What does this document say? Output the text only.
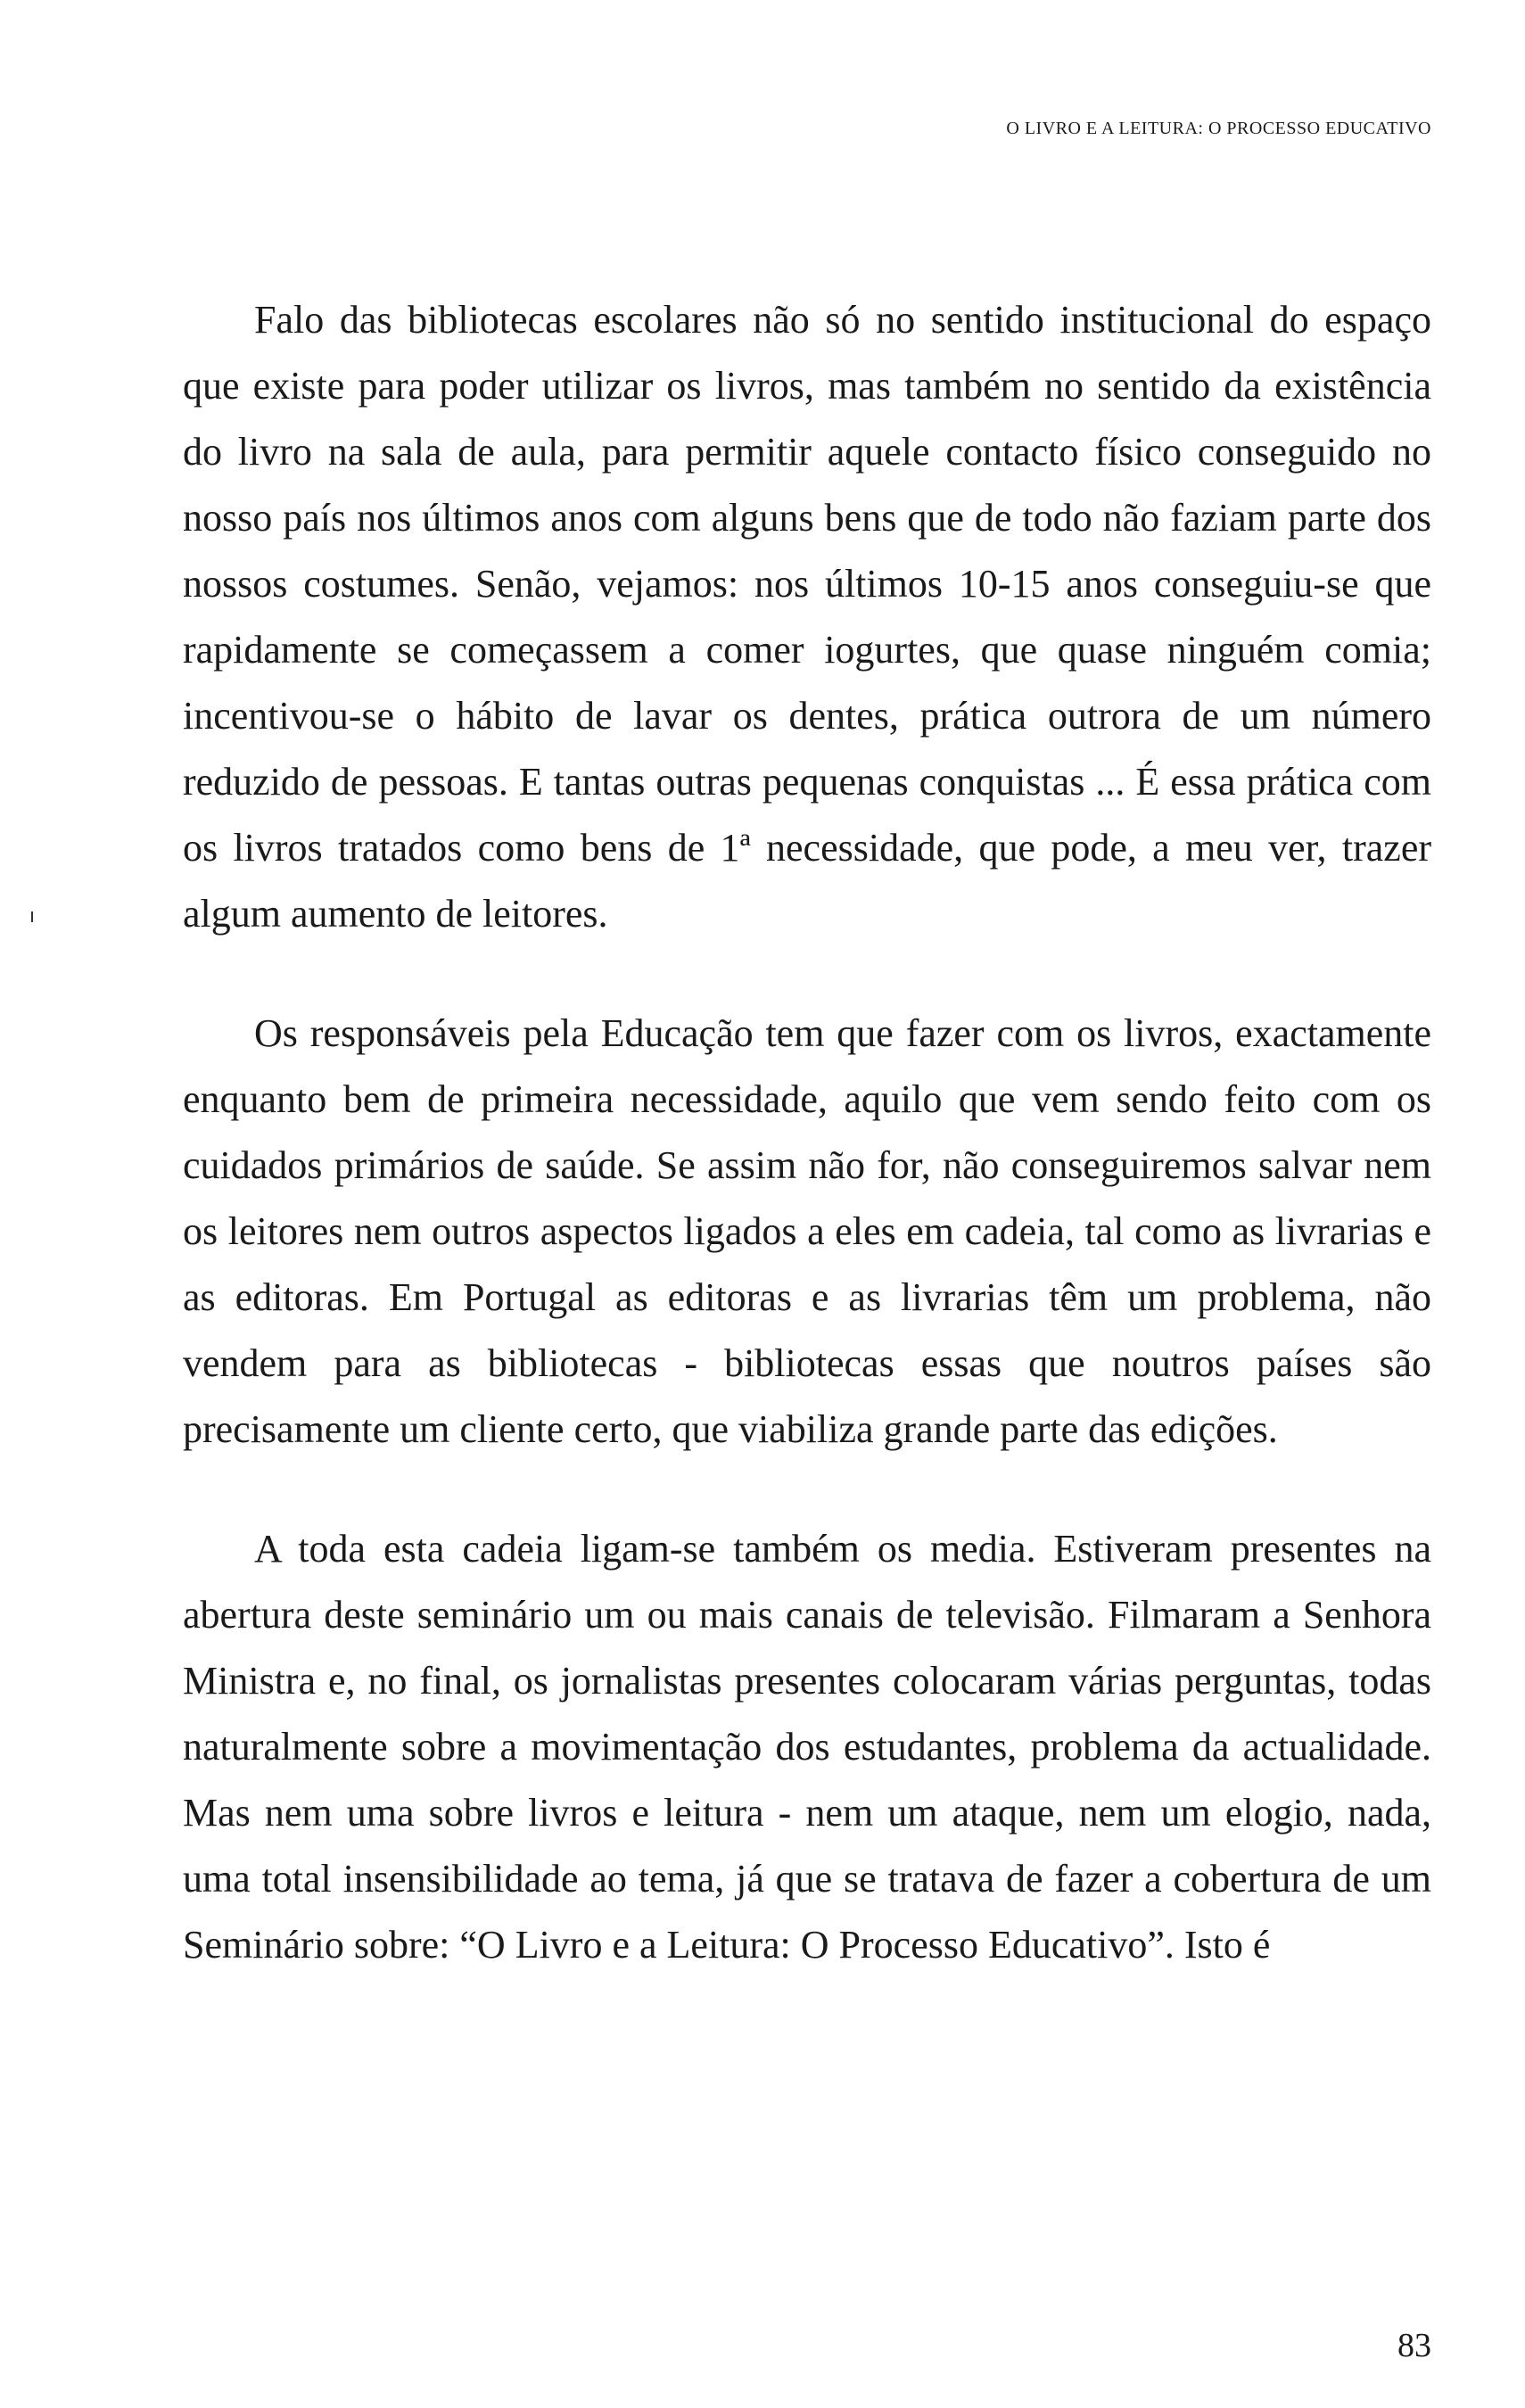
O LIVRO E A LEITURA: O PROCESSO EDUCATIVO

Falo das bibliotecas escolares não só no sentido institucional do espaço que existe para poder utilizar os livros, mas também no sentido da existência do livro na sala de aula, para permitir aquele contacto físico conseguido no nosso país nos últimos anos com alguns bens que de todo não faziam parte dos nossos costumes. Senão, vejamos: nos últimos 10-15 anos conseguiu-se que rapidamente se começassem a comer iogurtes, que quase ninguém comia; incentivou-se o hábito de lavar os dentes, prática outrora de um número reduzido de pessoas. E tantas outras pequenas conquistas ... É essa prática com os livros tratados como bens de 1ª necessidade, que pode, a meu ver, trazer algum aumento de leitores.

Os responsáveis pela Educação tem que fazer com os livros, exactamente enquanto bem de primeira necessidade, aquilo que vem sendo feito com os cuidados primários de saúde. Se assim não for, não conseguiremos salvar nem os leitores nem outros aspectos ligados a eles em cadeia, tal como as livrarias e as editoras. Em Portugal as editoras e as livrarias têm um problema, não vendem para as bibliotecas - bibliotecas essas que noutros países são precisamente um cliente certo, que viabiliza grande parte das edições.

A toda esta cadeia ligam-se também os media. Estiveram presentes na abertura deste seminário um ou mais canais de televisão. Filmaram a Senhora Ministra e, no final, os jornalistas presentes colocaram várias perguntas, todas naturalmente sobre a movimentação dos estudantes, problema da actualidade. Mas nem uma sobre livros e leitura - nem um ataque, nem um elogio, nada, uma total insensibilidade ao tema, já que se tratava de fazer a cobertura de um Seminário sobre: “O Livro e a Leitura: O Processo Educativo”. Isto é

83
